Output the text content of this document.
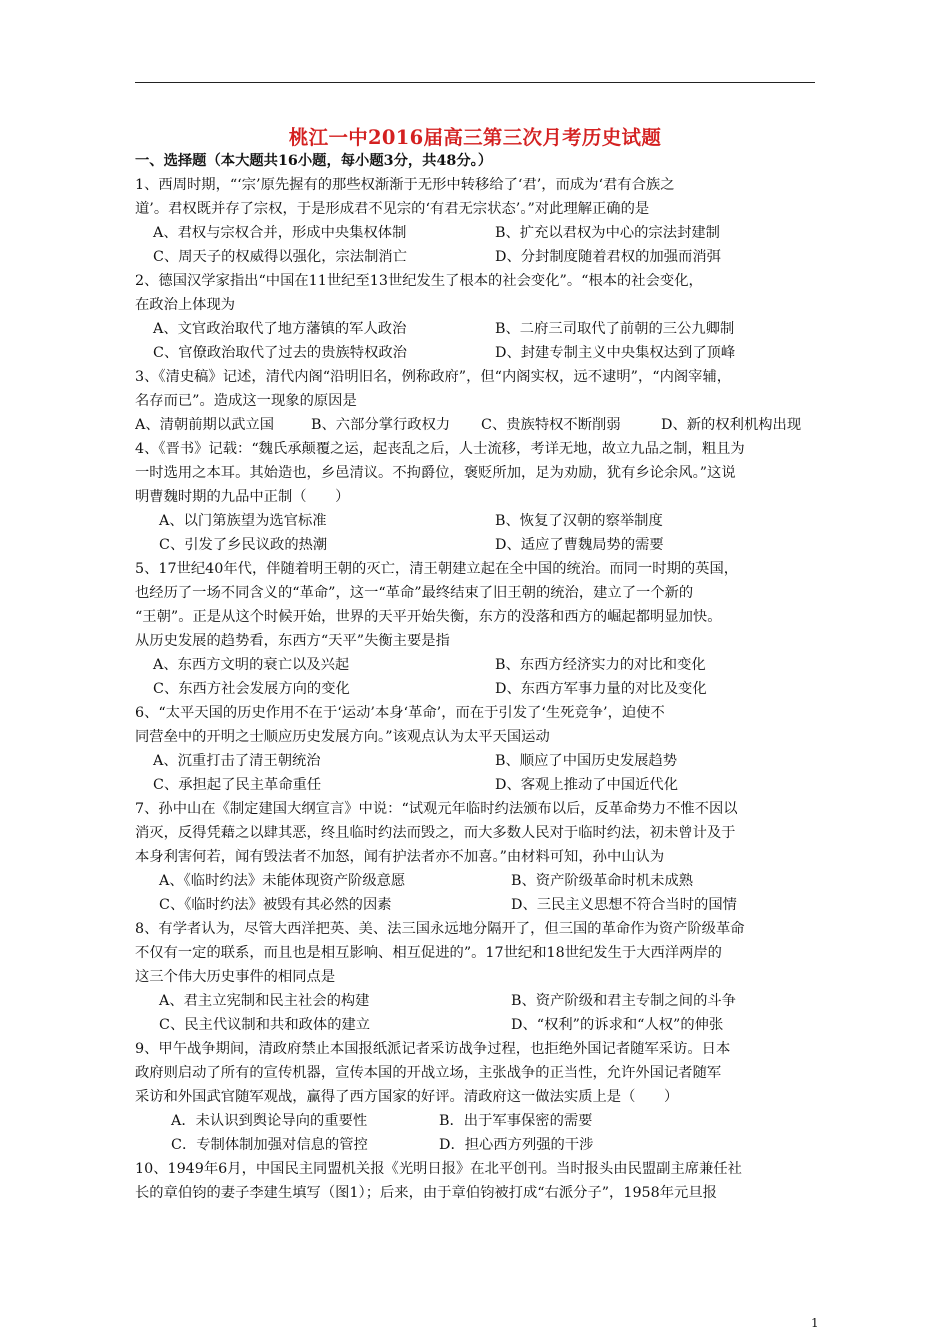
桃江一中2016届高三第三次月考历史试题
一、选择题（本大题共16小题，每小题3分，共48分。）
1、西周时期，“‘宗’原先握有的那些权渐渐于无形中转移给了‘君’，而成为‘君有合族之
道’。君权既并存了宗权，于是形成君不见宗的‘有君无宗状态’。”对此理解正确的是
A、君权与宗权合并，形成中央集权体制	B、扩充以君权为中心的宗法封建制
C、周天子的权威得以强化，宗法制消亡	D、分封制度随着君权的加强而消弭
2、德国汉学家指出“中国在11世纪至13世纪发生了根本的社会变化”。“根本的社会变化，
在政治上体现为
A、文官政治取代了地方藩镇的军人政治	B、二府三司取代了前朝的三公九卿制
C、官僚政治取代了过去的贵族特权政治	D、封建专制主义中央集权达到了顶峰
3、《清史稿》记述，清代内阁“沿明旧名，例称政府”，但“内阁实权，远不逮明”，“内阁宰辅，
名存而已”。造成这一现象的原因是
A、清朝前期以武立国	B、六部分掌行政权力	C、贵族特权不断削弱	D、新的权利机构出现
4、《晋书》记载：“魏氏承颠覆之运，起丧乱之后，人士流移，考详无地，故立九品之制，粗且为
一时选用之本耳。其始造也，乡邑清议。不拘爵位，褒贬所加，足为劝励，犹有乡论余风。”这说
明曹魏时期的九品中正制（　　）
A、以门第族望为选官标准	B、恢复了汉朝的察举制度
C、引发了乡民议政的热潮	D、适应了曹魏局势的需要
5、17世纪40年代，伴随着明王朝的灭亡，清王朝建立起在全中国的统治。而同一时期的英国，
也经历了一场不同含义的“革命”，这一“革命”最终结束了旧王朝的统治，建立了一个新的
“王朝”。正是从这个时候开始，世界的天平开始失衡，东方的没落和西方的崛起都明显加快。
从历史发展的趋势看，东西方“天平”失衡主要是指
A、东西方文明的衰亡以及兴起	B、东西方经济实力的对比和变化
C、东西方社会发展方向的变化	D、东西方军事力量的对比及变化
6、“太平天国的历史作用不在于‘运动’本身‘革命’，而在于引发了‘生死竞争’，迫使不
同营垒中的开明之士顺应历史发展方向。”该观点认为太平天国运动
A、沉重打击了清王朝统治	B、顺应了中国历史发展趋势
C、承担起了民主革命重任	D、客观上推动了中国近代化
7、孙中山在《制定建国大纲宣言》中说：“试观元年临时约法颁布以后，反革命势力不惟不因以
消灭，反得凭藉之以肆其恶，终且临时约法而毁之，而大多数人民对于临时约法，初未曾计及于
本身利害何若，闻有毁法者不加怒，闻有护法者亦不加喜。”由材料可知，孙中山认为
A、《临时约法》未能体现资产阶级意愿	B、资产阶级革命时机未成熟
C、《临时约法》被毁有其必然的因素	D、三民主义思想不符合当时的国情
8、有学者认为，尽管大西洋把英、美、法三国永远地分隔开了，但三国的革命作为资产阶级革命
不仅有一定的联系，而且也是相互影响、相互促进的”。17世纪和18世纪发生于大西洋两岸的
这三个伟大历史事件的相同点是
A、君主立宪制和民主社会的构建	B、资产阶级和君主专制之间的斗争
C、民主代议制和共和政体的建立	D、“权利”的诉求和“人权”的伸张
9、甲午战争期间，清政府禁止本国报纸派记者采访战争过程，也拒绝外国记者随军采访。日本
政府则启动了所有的宣传机器，宣传本国的开战立场，主张战争的正当性，允许外国记者随军
采访和外国武官随军观战，赢得了西方国家的好评。清政府这一做法实质上是（　　）
A．未认识到舆论导向的重要性	B．出于军事保密的需要
C．专制体制加强对信息的管控	D．担心西方列强的干涉
10、1949年6月，中国民主同盟机关报《光明日报》在北平创刊。当时报头由民盟副主席兼任社
长的章伯钧的妻子李建生填写（图1）；后来，由于章伯钧被打成“右派分子”，1958年元旦报
1
